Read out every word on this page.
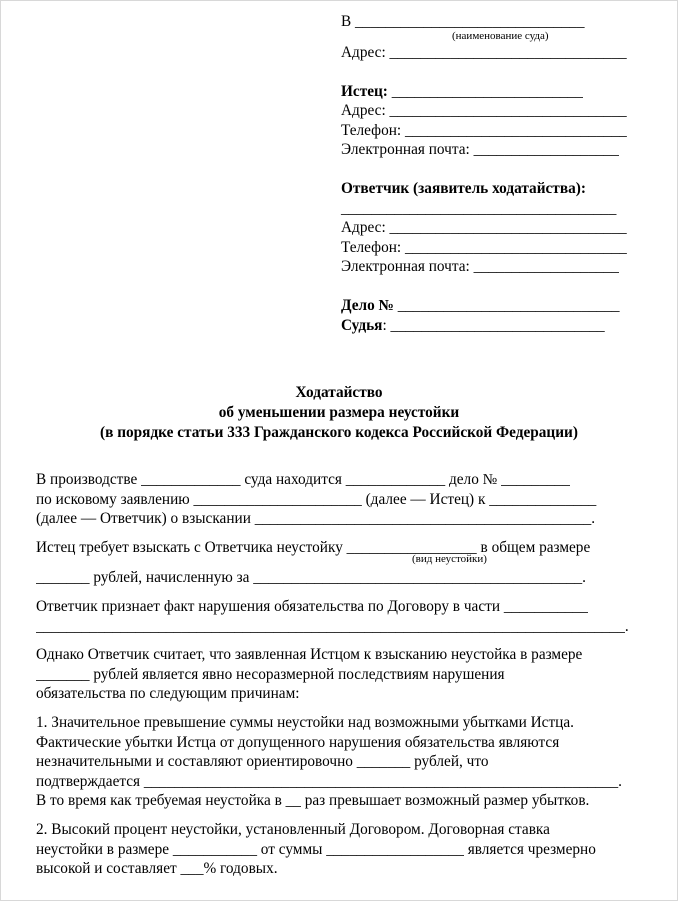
В ______________________________
(наименование суда)
Адрес: _______________________________
Истец: _________________________
Адрес: _______________________________
Телефон: _____________________________
Электронная почта: ___________________
Ответчик (заявитель ходатайства):
____________________________________
Адрес: _______________________________
Телефон: _____________________________
Электронная почта: ___________________
Дело № _____________________________
Судья: ____________________________
Ходатайство
об уменьшении размера неустойки
(в порядке статьи 333 Гражданского кодекса Российской Федерации)
В производстве _____________ суда находится _____________ дело № _________
по исковому заявлению ______________________ (далее — Истец) к ______________
(далее — Ответчик) о взыскании ____________________________________________.
Истец требует взыскать с Ответчика неустойку _________________ в общем размере
(вид неустойки)
_______ рублей, начисленную за ___________________________________________.
Ответчик признает факт нарушения обязательства по Договору в части ___________
_____________________________________________________________________________.
Однако Ответчик считает, что заявленная Истцом к взысканию неустойка в размере
_______ рублей является явно несоразмерной последствиям нарушения
обязательства по следующим причинам:
1. Значительное превышение суммы неустойки над возможными убытками Истца.
Фактические убытки Истца от допущенного нарушения обязательства являются
незначительными и составляют ориентировочно _______ рублей, что
подтверждается ______________________________________________________________.
В то время как требуемая неустойка в __ раз превышает возможный размер убытков.
2. Высокий процент неустойки, установленный Договором. Договорная ставка
неустойки в размере ___________ от суммы __________________ является чрезмерно
высокой и составляет ___% годовых.
